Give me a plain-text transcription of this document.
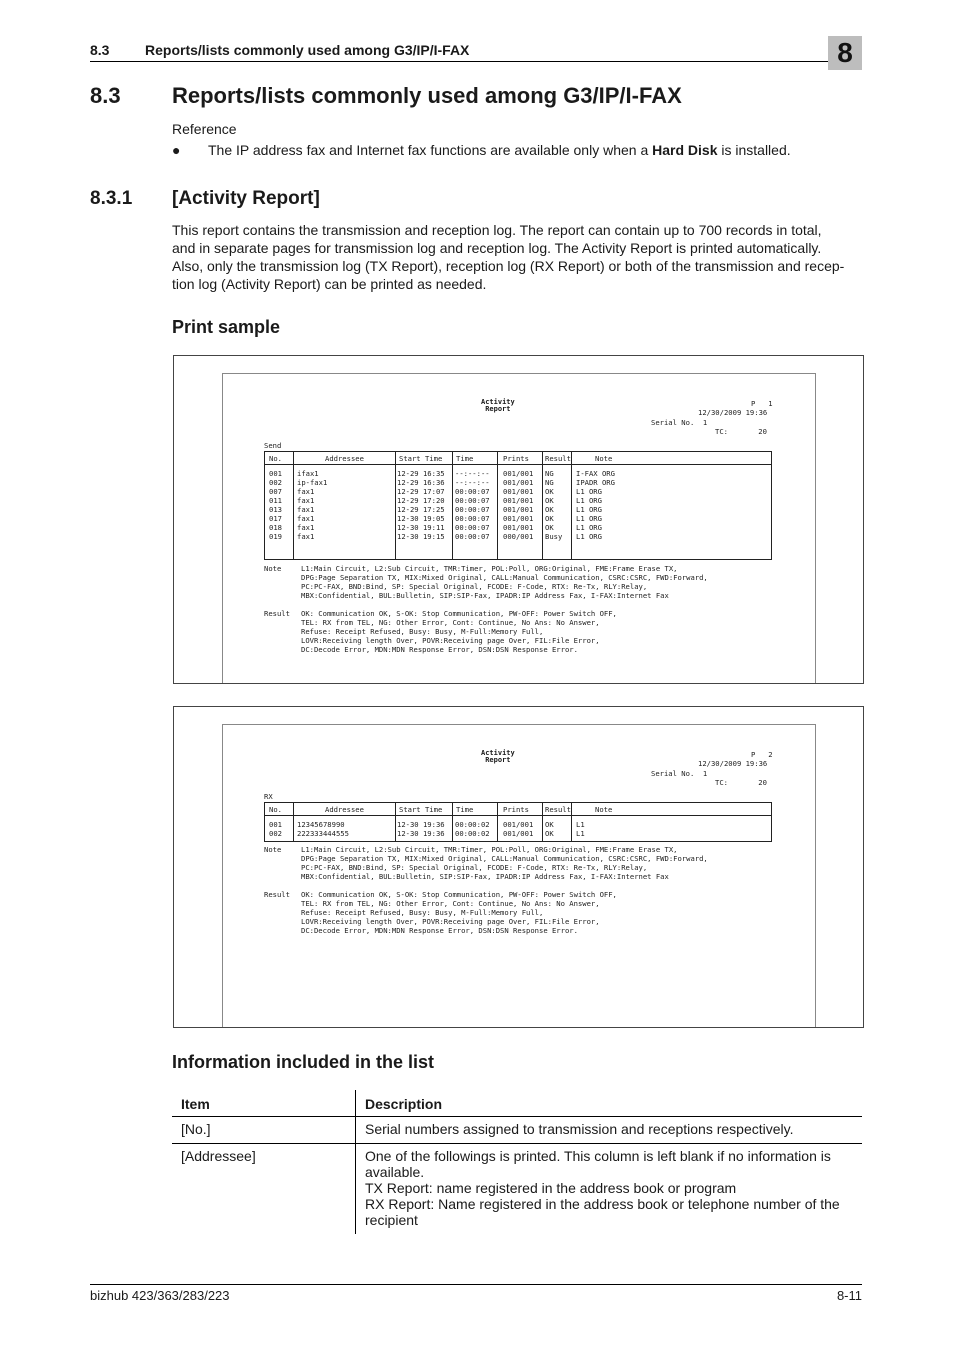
8.3	Reports/lists commonly used among G3/IP/I-FAX	8
8.3 Reports/lists commonly used among G3/IP/I-FAX
Reference
● The IP address fax and Internet fax functions are available only when a Hard Disk is installed.
8.3.1 [Activity Report]
This report contains the transmission and reception log. The report can contain up to 700 records in total,
and in separate pages for transmission log and reception log. The Activity Report is printed automatically.
Also, only the transmission log (TX Report), reception log (RX Report) or both of the transmission and recep-
tion log (Activity Report) can be printed as needed.
Print sample
Activity
Report
P   1
12/30/2009 19:36
Serial No.  1
TC:       20
Send
No.	Addressee	Start Time Time	Prints Result	Note
001 ifax1	12-29 16:35 --:--:-- 001/001 NG	I-FAX ORG
002 ip-fax1	12-29 16:36 --:--:-- 001/001 NG	IPADR ORG
007 fax1	12-29 17:07 00:00:07 001/001 OK	L1 ORG
011 fax1	12-29 17:20 00:00:07 001/001 OK	L1 ORG
013 fax1	12-29 17:25 00:00:07 001/001 OK	L1 ORG
017 fax1	12-30 19:05 00:00:07 001/001 OK	L1 ORG
018 fax1	12-30 19:11 00:00:07 001/001 OK	L1 ORG
019 fax1	12-30 19:15 00:00:07 000/001 Busy L1 ORG
Note	L1:Main Circuit, L2:Sub Circuit, TMR:Timer, POL:Poll, ORG:Original, FME:Frame Erase TX,
DPG:Page Separation TX, MIX:Mixed Original, CALL:Manual Communication, CSRC:CSRC, FWD:Forward,
PC:PC-FAX, BND:Bind, SP: Special Original, FCODE: F-Code, RTX: Re-Tx, RLY:Relay,
MBX:Confidential, BUL:Bulletin, SIP:SIP-Fax, IPADR:IP Address Fax, I-FAX:Internet Fax
Result OK: Communication OK, S-OK: Stop Communication, PW-OFF: Power Switch OFF,
TEL: RX from TEL, NG: Other Error, Cont: Continue, No Ans: No Answer,
Refuse: Receipt Refused, Busy: Busy, M-Full:Memory Full,
LOVR:Receiving length Over, POVR:Receiving page Over, FIL:File Error,
DC:Decode Error, MDN:MDN Response Error, DSN:DSN Response Error.
Activity
Report
P   2
12/30/2009 19:36
Serial No.  1
TC:       20
RX
No.	Addressee	Start Time Time	Prints Result	Note
001 12345678990	12-30 19:36 00:00:02 001/001 OK	L1
002 222333444555	12-30 19:36 00:00:02 001/001 OK	L1
Note	L1:Main Circuit, L2:Sub Circuit, TMR:Timer, POL:Poll, ORG:Original, FME:Frame Erase TX,
DPG:Page Separation TX, MIX:Mixed Original, CALL:Manual Communication, CSRC:CSRC, FWD:Forward,
PC:PC-FAX, BND:Bind, SP: Special Original, FCODE: F-Code, RTX: Re-Tx, RLY:Relay,
MBX:Confidential, BUL:Bulletin, SIP:SIP-Fax, IPADR:IP Address Fax, I-FAX:Internet Fax
Result OK: Communication OK, S-OK: Stop Communication, PW-OFF: Power Switch OFF,
TEL: RX from TEL, NG: Other Error, Cont: Continue, No Ans: No Answer,
Refuse: Receipt Refused, Busy: Busy, M-Full:Memory Full,
LOVR:Receiving length Over, POVR:Receiving page Over, FIL:File Error,
DC:Decode Error, MDN:MDN Response Error, DSN:DSN Response Error.
Information included in the list
Item	Description
[No.]	Serial numbers assigned to transmission and receptions respectively.

[Addressee]	One of the followings is printed. This column is left blank if no information is
available.
TX Report: name registered in the address book or program
RX Report: Name registered in the address book or telephone number of the
recipient
bizhub 423/363/283/223	8-11
